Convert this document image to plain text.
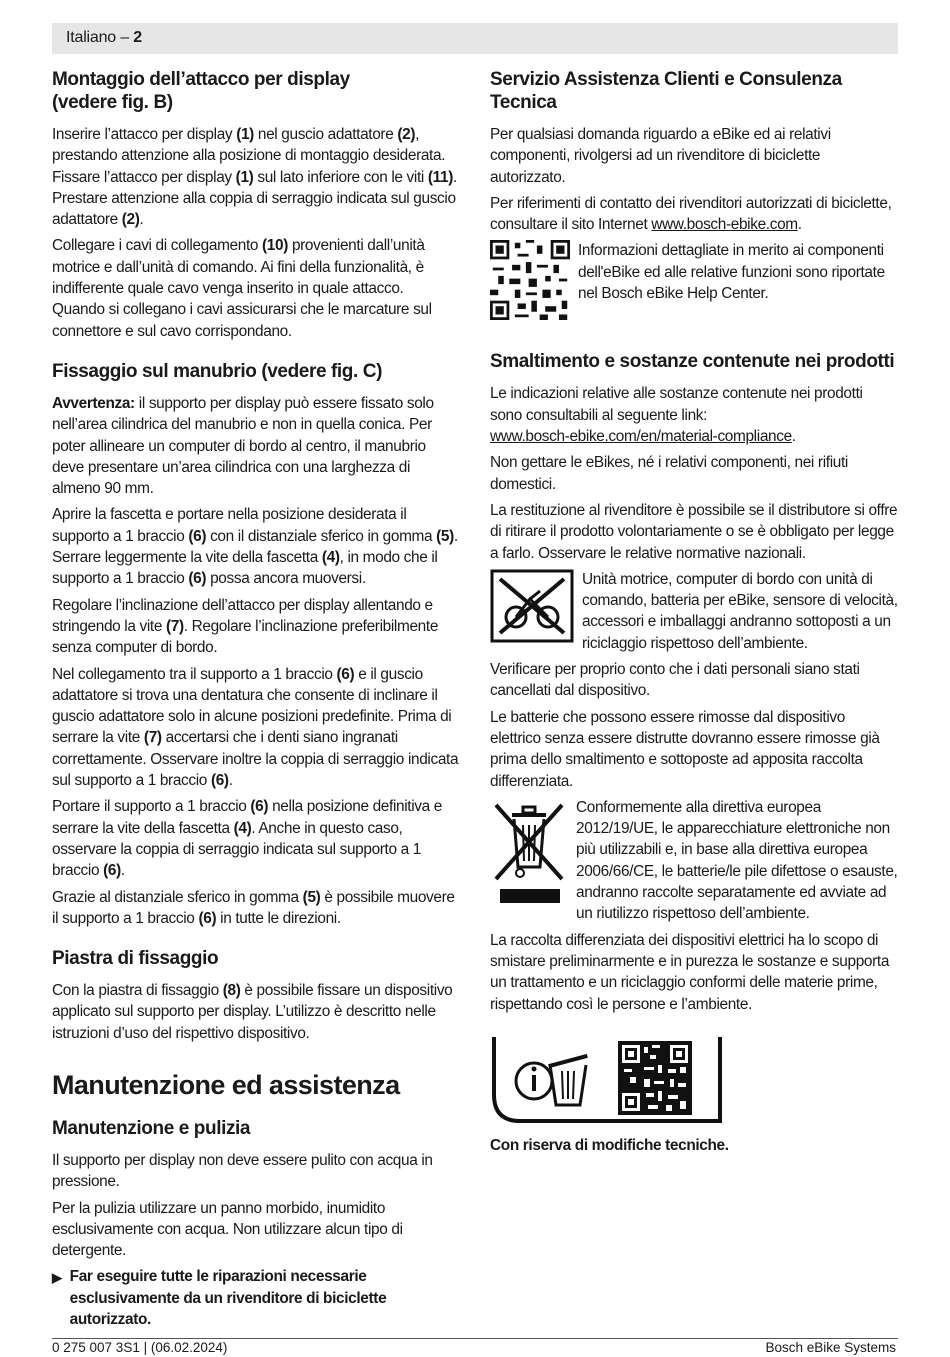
Italiano – 2
Montaggio dell’attacco per display
(vedere fig. B)

Inserire l’attacco per display (1) nel guscio adattatore (2), prestando attenzione alla posizione di montaggio desiderata. Fissare l’attacco per display (1) sul lato inferiore con le viti (11). Prestare attenzione alla coppia di serraggio indicata sul guscio adattatore (2).

Collegare i cavi di collegamento (10) provenienti dall’unità motrice e dall’unità di comando. Ai fini della funzionalità, è indifferente quale cavo venga inserito in quale attacco. Quando si collegano i cavi assicurarsi che le marcature sul connettore e sul cavo corrispondano.

Fissaggio sul manubrio (vedere fig. C)

Avvertenza: il supporto per display può essere fissato solo nell’area cilindrica del manubrio e non in quella conica. Per poter allineare un computer di bordo al centro, il manubrio deve presentare un’area cilindrica con una larghezza di almeno 90 mm.

Aprire la fascetta e portare nella posizione desiderata il supporto a 1 braccio (6) con il distanziale sferico in gomma (5). Serrare leggermente la vite della fascetta (4), in modo che il supporto a 1 braccio (6) possa ancora muoversi.

Regolare l’inclinazione dell’attacco per display allentando e stringendo la vite (7). Regolare l’inclinazione preferibilmente senza computer di bordo.

Nel collegamento tra il supporto a 1 braccio (6) e il guscio adattatore si trova una dentatura che consente di inclinare il guscio adattatore solo in alcune posizioni predefinite. Prima di serrare la vite (7) accertarsi che i denti siano ingranati correttamente. Osservare inoltre la coppia di serraggio indicata sul supporto a 1 braccio (6).

Portare il supporto a 1 braccio (6) nella posizione definitiva e serrare la vite della fascetta (4). Anche in questo caso, osservare la coppia di serraggio indicata sul supporto a 1 braccio (6).

Grazie al distanziale sferico in gomma (5) è possibile muovere il supporto a 1 braccio (6) in tutte le direzioni.

Piastra di fissaggio

Con la piastra di fissaggio (8) è possibile fissare un dispositivo applicato sul supporto per display. L’utilizzo è descritto nelle istruzioni d’uso del rispettivo dispositivo.

Manutenzione ed assistenza
Manutenzione e pulizia

Il supporto per display non deve essere pulito con acqua in pressione.

Per la pulizia utilizzare un panno morbido, inumidito esclusivamente con acqua. Non utilizzare alcun tipo di detergente.

▶ Far eseguire tutte le riparazioni necessarie esclusivamente da un rivenditore di biciclette autorizzato.
Servizio Assistenza Clienti e Consulenza Tecnica

Per qualsiasi domanda riguardo a eBike ed ai relativi componenti, rivolgersi ad un rivenditore di biciclette autorizzato.

Per riferimenti di contatto dei rivenditori autorizzati di biciclette, consultare il sito Internet www.bosch-ebike.com.

Informazioni dettagliate in merito ai componenti dell'eBike ed alle relative funzioni sono riportate nel Bosch eBike Help Center.

Smaltimento e sostanze contenute nei prodotti

Le indicazioni relative alle sostanze contenute nei prodotti sono consultabili al seguente link:
www.bosch-ebike.com/en/material-compliance.

Non gettare le eBikes, né i relativi componenti, nei rifiuti domestici.

La restituzione al rivenditore è possibile se il distributore si offre di ritirare il prodotto volontariamente o se è obbligato per legge a farlo. Osservare le relative normative nazionali.

Unità motrice, computer di bordo con unità di comando, batteria per eBike, sensore di velocità, accessori e imballaggi andranno sottoposti a un riciclaggio rispettoso dell’ambiente.

Verificare per proprio conto che i dati personali siano stati cancellati dal dispositivo.

Le batterie che possono essere rimosse dal dispositivo elettrico senza essere distrutte dovranno essere rimosse già prima dello smaltimento e sottoposte ad apposita raccolta differenziata.

Conformemente alla direttiva europea 2012/19/UE, le apparecchiature elettroniche non più utilizzabili e, in base alla direttiva europea 2006/66/CE, le batterie/le pile difettose o esauste, andranno raccolte separatamente ed avviate ad un riutilizzo rispettoso dell’ambiente.

La raccolta differenziata dei dispositivi elettrici ha lo scopo di smistare preliminarmente e in purezza le sostanze e supporta un trattamento e un riciclaggio conformi delle materie prime, rispettando così le persone e l’ambiente.

Con riserva di modifiche tecniche.

0 275 007 3S1 | (06.02.2024)	Bosch eBike Systems
